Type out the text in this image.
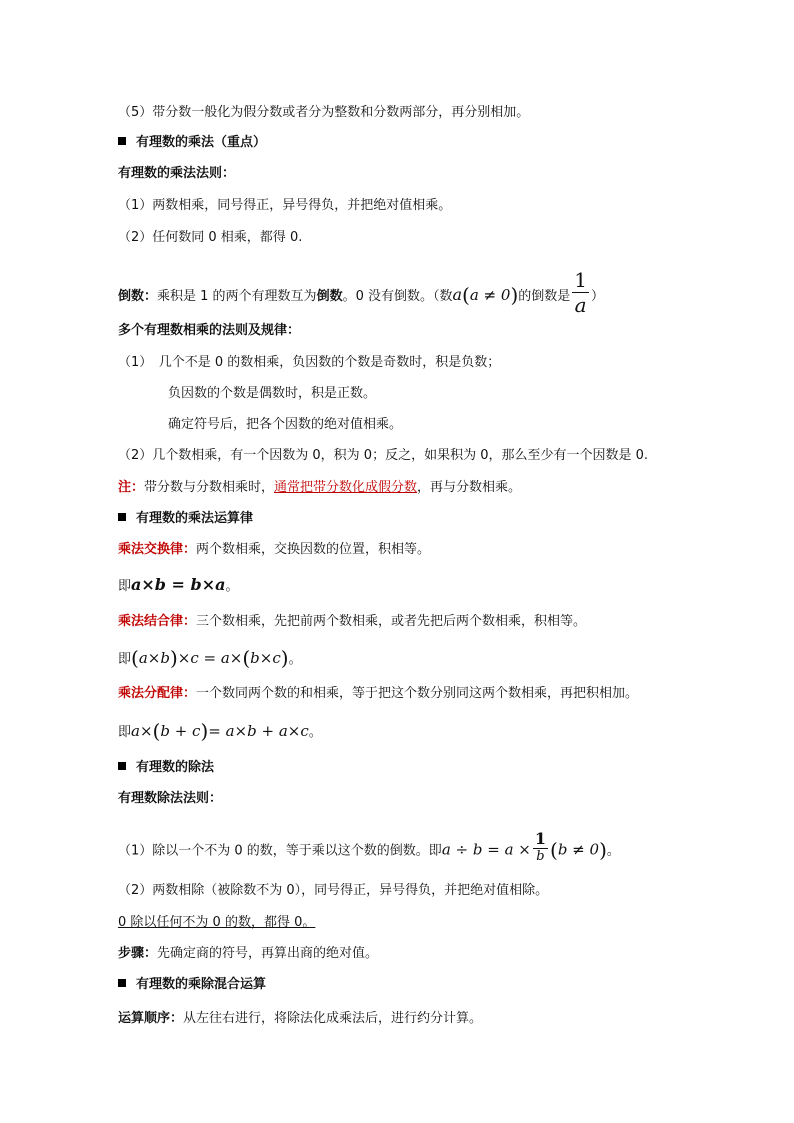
（5）带分数一般化为假分数或者分为整数和分数两部分，再分别相加。
有理数的乘法（重点）
有理数的乘法法则：
（1）两数相乘，同号得正，异号得负，并把绝对值相乘。
（2）任何数同 0 相乘，都得 0.
倒数：乘积是 1 的两个有理数互为倒数。0 没有倒数。（数a(a ≠ 0)的倒数是 $\frac{1}{a}$ ）
多个有理数相乘的法则及规律：
（1）　几个不是 0 的数相乘，负因数的个数是奇数时，积是负数；
负因数的个数是偶数时，积是正数。
确定符号后，把各个因数的绝对值相乘。
（2）几个数相乘，有一个因数为 0，积为 0；反之，如果积为 0，那么至少有一个因数是 0.
注：带分数与分数相乘时，通常把带分数化成假分数，再与分数相乘。
有理数的乘法运算律
乘法交换律：两个数相乘，交换因数的位置，积相等。
即a×b = b×a。
乘法结合律：三个数相乘，先把前两个数相乘，或者先把后两个数相乘，积相等。
即(a×b)×c = a×(b×c)。
乘法分配律：一个数同两个数的和相乘，等于把这个数分别同这两个数相乘，再把积相加。
即a×(b + c)= a×b + a×c。
有理数的除法
有理数除法法则：
（1）除以一个不为 0 的数，等于乘以这个数的倒数。即$a \div b = a \times \frac{1}{b} (b \ne 0)$。
（2）两数相除（被除数不为 0），同号得正，异号得负，并把绝对值相除。
0 除以任何不为 0 的数，都得 0。
步骤：先确定商的符号，再算出商的绝对值。
有理数的乘除混合运算
运算顺序：从左往右进行，将除法化成乘法后，进行约分计算。
